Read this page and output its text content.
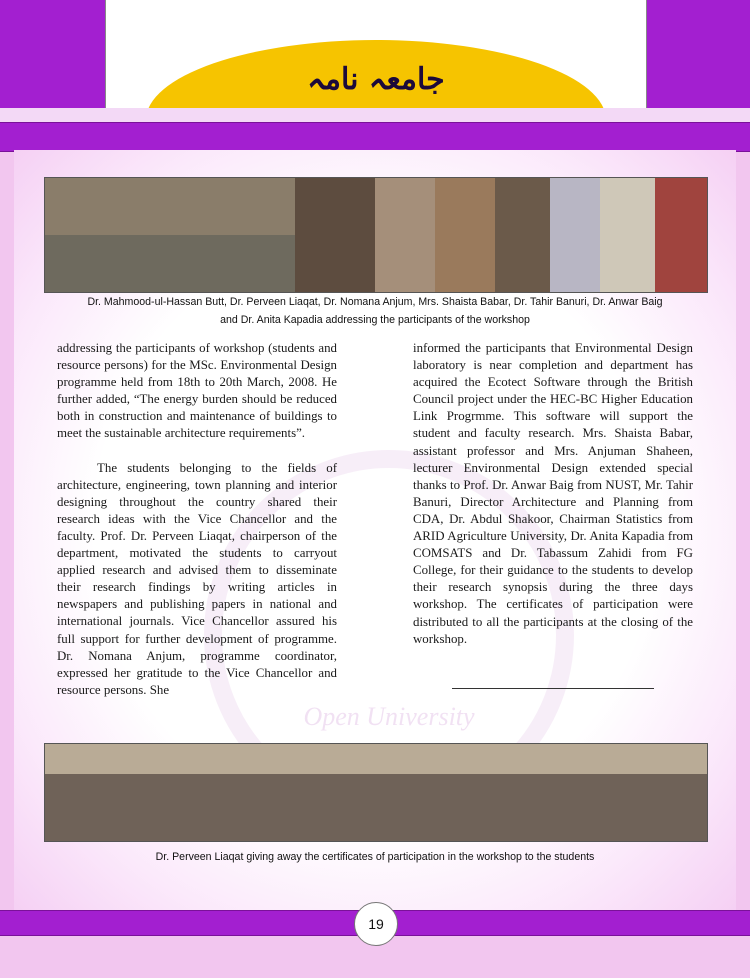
جامعہ نامہ
Open University
Dr. Mahmood-ul-Hassan Butt, Dr. Perveen Liaqat, Dr. Nomana Anjum, Mrs. Shaista Babar, Dr. Tahir Banuri, Dr. Anwar Baig
and Dr. Anita Kapadia addressing the participants of the workshop

addressing the participants of workshop (students and resource persons) for the MSc. Environmental Design programme held from 18th to 20th March, 2008. He further added, “The energy burden should be reduced both in construction and maintenance of buildings to meet the sustainable architecture requirements”.

The students belonging to the fields of architecture, engineering, town planning and interior designing throughout the country shared their research ideas with the Vice Chancellor and the faculty. Prof. Dr. Perveen Liaqat, chairperson of the department, motivated the students to carryout applied research and advised them to disseminate their research findings by writing articles in newspapers and publishing papers in national and international journals. Vice Chancellor assured his full support for further development of programme. Dr. Nomana Anjum, programme coordinator, expressed her gratitude to the Vice Chancellor and resource persons. She

informed the participants that Environmental Design laboratory is near completion and department has acquired the Ecotect Software through the British Council project under the HEC-BC Higher Education Link Progrmme. This software will support the student and faculty research. Mrs. Shaista Babar, assistant professor and Mrs. Anjuman Shaheen, lecturer Environmental Design extended special thanks to Prof. Dr. Anwar Baig from NUST, Mr. Tahir Banuri, Director Architecture and Planning from CDA, Dr. Abdul Shakoor, Chairman Statistics from ARID Agriculture University, Dr. Anita Kapadia from COMSATS and Dr. Tabassum Zahidi from FG College, for their guidance to the students to develop their research synopsis during the three days workshop. The certificates of participation were distributed to all the participants at the closing of the workshop.

Dr. Perveen Liaqat giving away the certificates of participation in the workshop to the students
19
